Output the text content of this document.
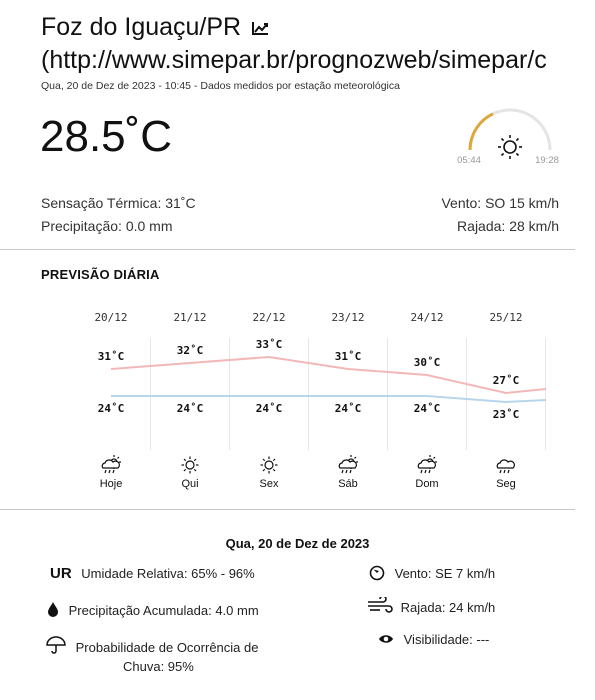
Foz do Iguaçu/PR
(http://www.simepar.br/prognozweb/simepar/c
Qua, 20 de Dez de 2023 - 10:45 - Dados medidos por estação meteorológica
28.5˚C	05:44	19:28
Sensação Térmica: 31˚C
Precipitação: 0.0 mm
Vento: SO 15 km/h
Rajada: 28 km/h
PREVISÃO DIÁRIA
20/12
31˚C
24˚C
Hoje
21/12
32˚C
24˚C
Qui
22/12
33˚C
24˚C
Sex
23/12
31˚C
24˚C
Sáb
24/12
30˚C
24˚C
Dom
25/12
27˚C
23˚C
Seg
Qua, 20 de Dez de 2023
UR Umidade Relativa: 65% - 96%
Precipitação Acumulada: 4.0 mm
Probabilidade de Ocorrência de
Chuva: 95%
Vento: SE 7 km/h
Rajada: 24 km/h
Visibilidade: ---
